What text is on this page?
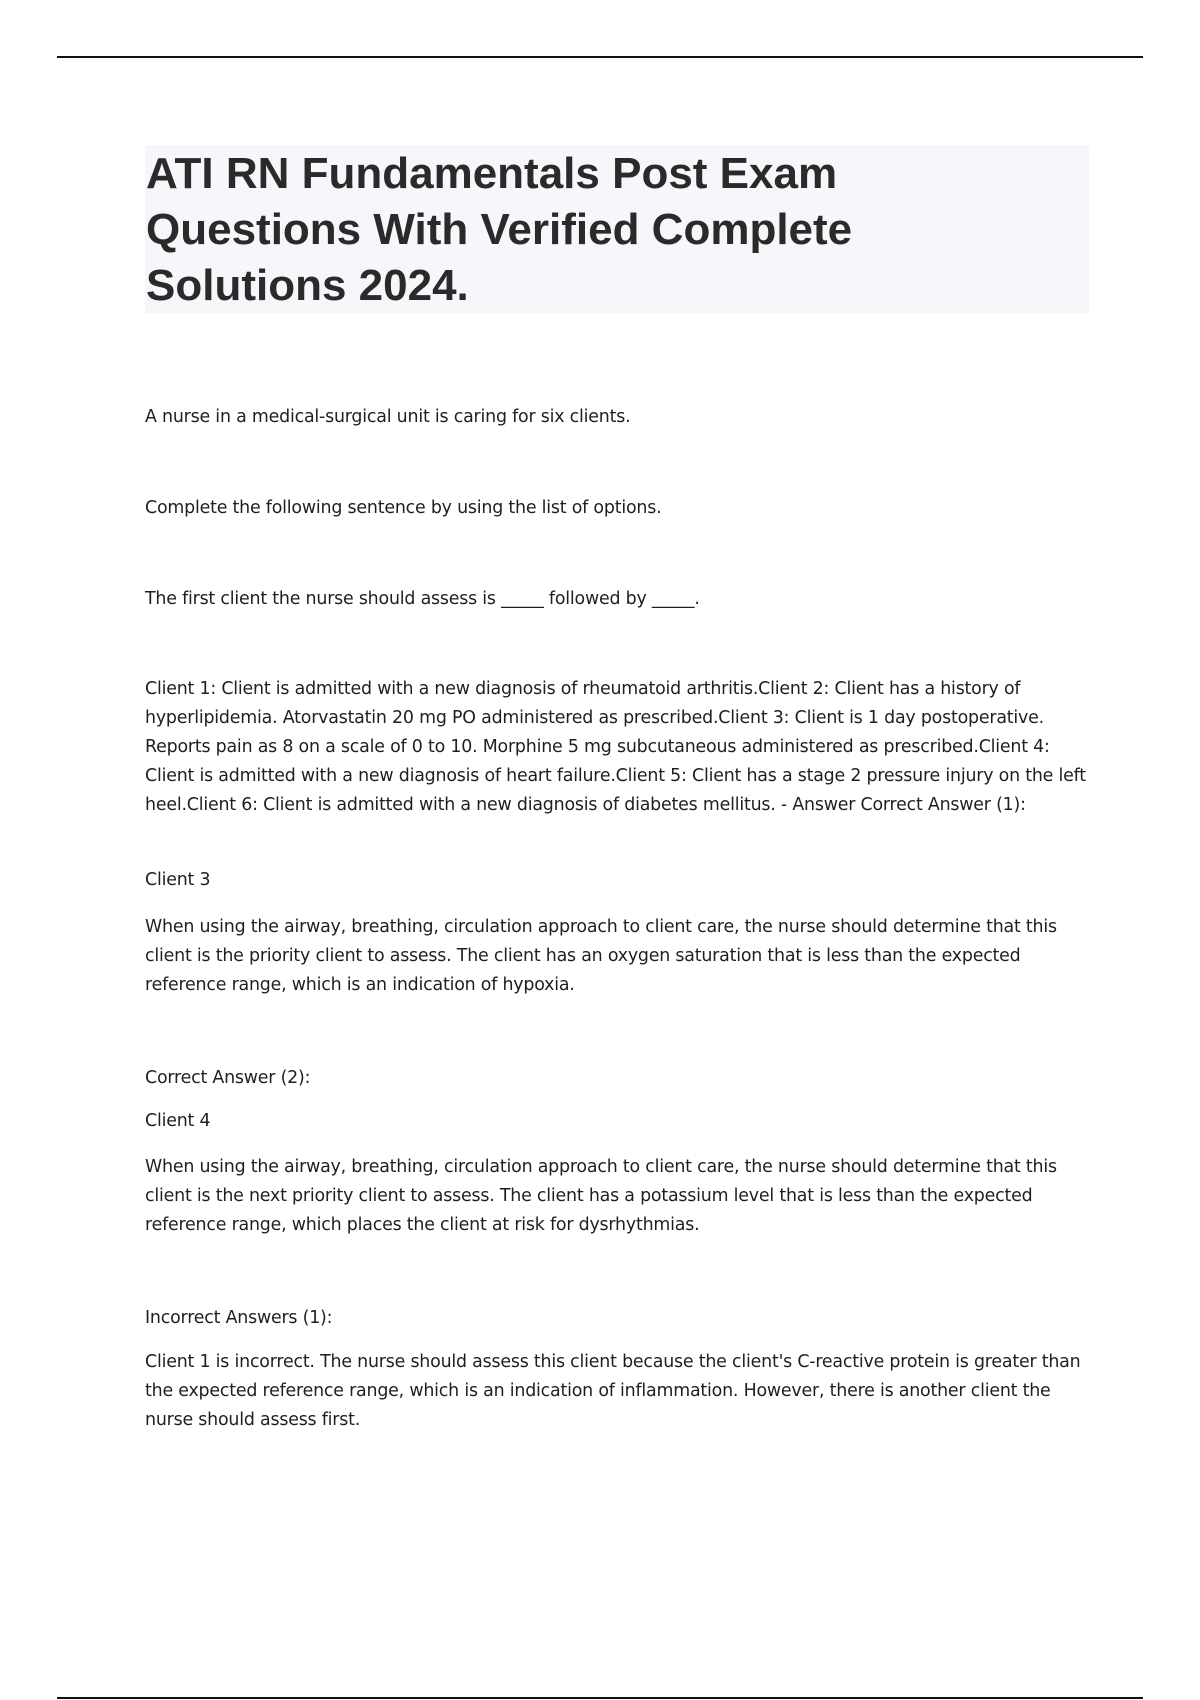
ATI RN Fundamentals Post Exam Questions With Verified Complete Solutions 2024.

A nurse in a medical-surgical unit is caring for six clients.

Complete the following sentence by using the list of options.

The first client the nurse should assess is _____ followed by _____.

Client 1: Client is admitted with a new diagnosis of rheumatoid arthritis.Client 2: Client has a history of hyperlipidemia. Atorvastatin 20 mg PO administered as prescribed.Client 3: Client is 1 day postoperative. Reports pain as 8 on a scale of 0 to 10. Morphine 5 mg subcutaneous administered as prescribed.Client 4: Client is admitted with a new diagnosis of heart failure.Client 5: Client has a stage 2 pressure injury on the left heel.Client 6: Client is admitted with a new diagnosis of diabetes mellitus. - Answer Correct Answer (1):

Client 3

When using the airway, breathing, circulation approach to client care, the nurse should determine that this client is the priority client to assess. The client has an oxygen saturation that is less than the expected reference range, which is an indication of hypoxia.

Correct Answer (2):

Client 4

When using the airway, breathing, circulation approach to client care, the nurse should determine that this client is the next priority client to assess. The client has a potassium level that is less than the expected reference range, which places the client at risk for dysrhythmias.

Incorrect Answers (1):

Client 1 is incorrect. The nurse should assess this client because the client's C-reactive protein is greater than the expected reference range, which is an indication of inflammation. However, there is another client the nurse should assess first.
